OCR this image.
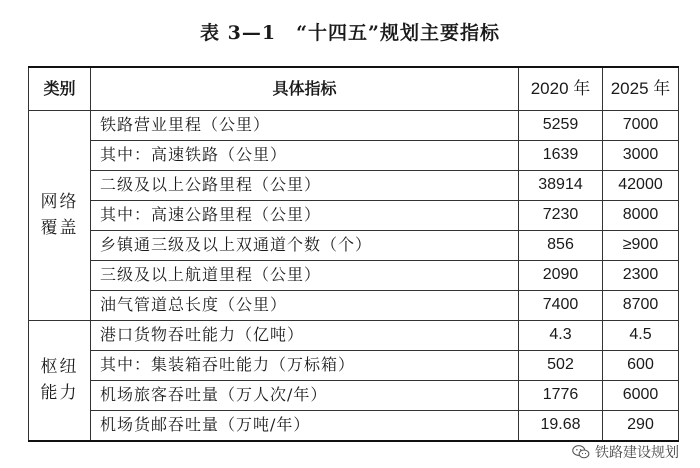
表 3—1　“十四五”规划主要指标
类别	具体指标	2020 年	2025 年

网络
覆盖	铁路营业里程（公里）	5259	7000
	其中：高速铁路（公里）	1639	3000
	二级及以上公路里程（公里）	38914	42000
	其中：高速公路里程（公里）	7230	8000
	乡镇通三级及以上双通道个数（个）	856	≥900
	三级及以上航道里程（公里）	2090	2300
	油气管道总长度（公里）	7400	8700

枢纽
能力	港口货物吞吐能力（亿吨）	4.3	4.5
	其中：集装箱吞吐能力（万标箱）	502	600
	机场旅客吞吐量（万人次/年）	1776	6000
	机场货邮吞吐量（万吨/年）	19.68	290
铁路建设规划
